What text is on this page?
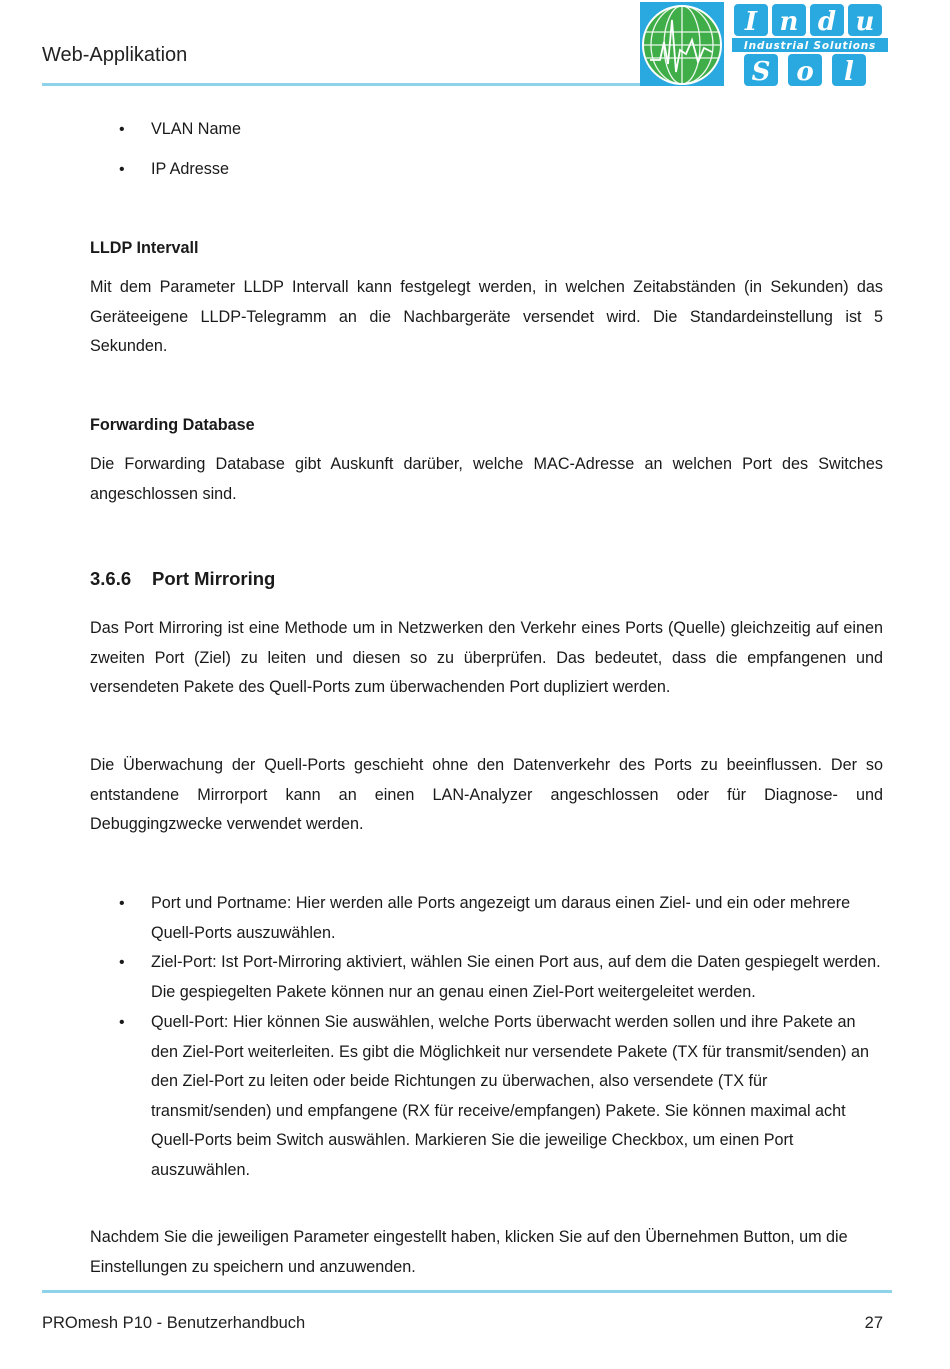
Web-Applikation
I n d u
Industrial Solutions
S o l
• VLAN Name
• IP Adresse
LLDP Intervall
Mit dem Parameter LLDP Intervall kann festgelegt werden, in welchen Zeitabständen (in Sekunden) das Geräteeigene LLDP-Telegramm an die Nachbargeräte versendet wird. Die Standardeinstellung ist 5 Sekunden.
Forwarding Database
Die Forwarding Database gibt Auskunft darüber, welche MAC-Adresse an welchen Port des Switches angeschlossen sind.
3.6.6 Port Mirroring
Das Port Mirroring ist eine Methode um in Netzwerken den Verkehr eines Ports (Quelle) gleichzeitig auf einen zweiten Port (Ziel) zu leiten und diesen so zu überprüfen. Das bedeutet, dass die empfangenen und versendeten Pakete des Quell-Ports zum überwachenden Port dupliziert werden.
Die Überwachung der Quell-Ports geschieht ohne den Datenverkehr des Ports zu beeinflussen. Der so entstandene Mirrorport kann an einen LAN-Analyzer angeschlossen oder für Diagnose- und Debuggingzwecke verwendet werden.
• Port und Portname: Hier werden alle Ports angezeigt um daraus einen Ziel- und ein oder mehrere Quell-Ports auszuwählen.
• Ziel-Port: Ist Port-Mirroring aktiviert, wählen Sie einen Port aus, auf dem die Daten gespiegelt werden. Die gespiegelten Pakete können nur an genau einen Ziel-Port weitergeleitet werden.
• Quell-Port: Hier können Sie auswählen, welche Ports überwacht werden sollen und ihre Pakete an den Ziel-Port weiterleiten. Es gibt die Möglichkeit nur versendete Pakete (TX für transmit/senden) an den Ziel-Port zu leiten oder beide Richtungen zu überwachen, also versendete (TX für transmit/senden) und empfangene (RX für receive/empfangen) Pakete. Sie können maximal acht Quell-Ports beim Switch auswählen. Markieren Sie die jeweilige Checkbox, um einen Port auszuwählen.
Nachdem Sie die jeweiligen Parameter eingestellt haben, klicken Sie auf den Übernehmen Button, um die Einstellungen zu speichern und anzuwenden.
PROmesh P10 - Benutzerhandbuch	27
